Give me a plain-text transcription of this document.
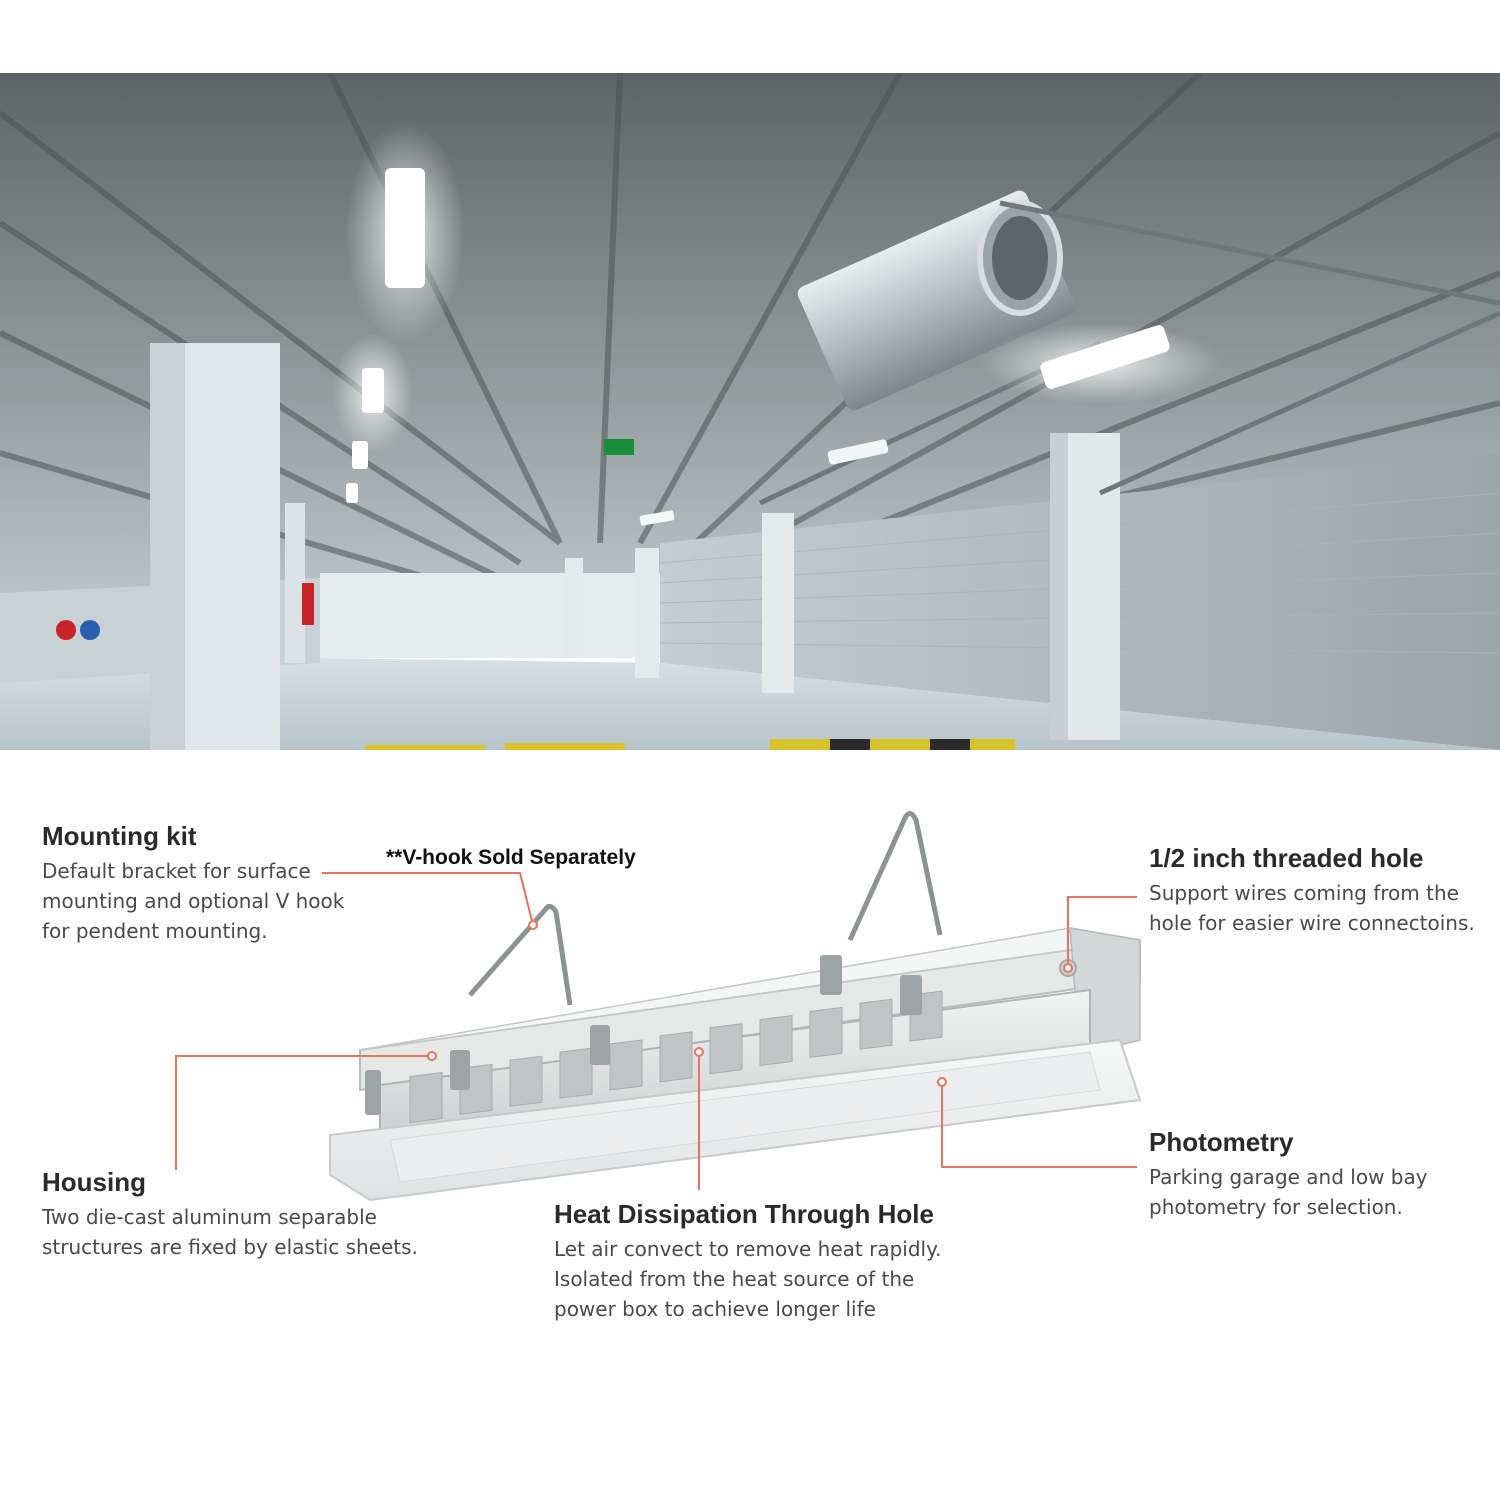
**V-hook Sold Separately
Mounting kit

Default bracket for surface

mounting and optional V hook

for pendent mounting.

1/2 inch threaded hole

Support wires coming from the

hole for easier wire connectoins.

Housing

Two die-cast aluminum separable

structures are fixed by elastic sheets.

Heat Dissipation Through Hole

Let air convect to remove heat rapidly.

Isolated from the heat source of the

power box to achieve longer life

Photometry

Parking garage and low bay

photometry for selection.
